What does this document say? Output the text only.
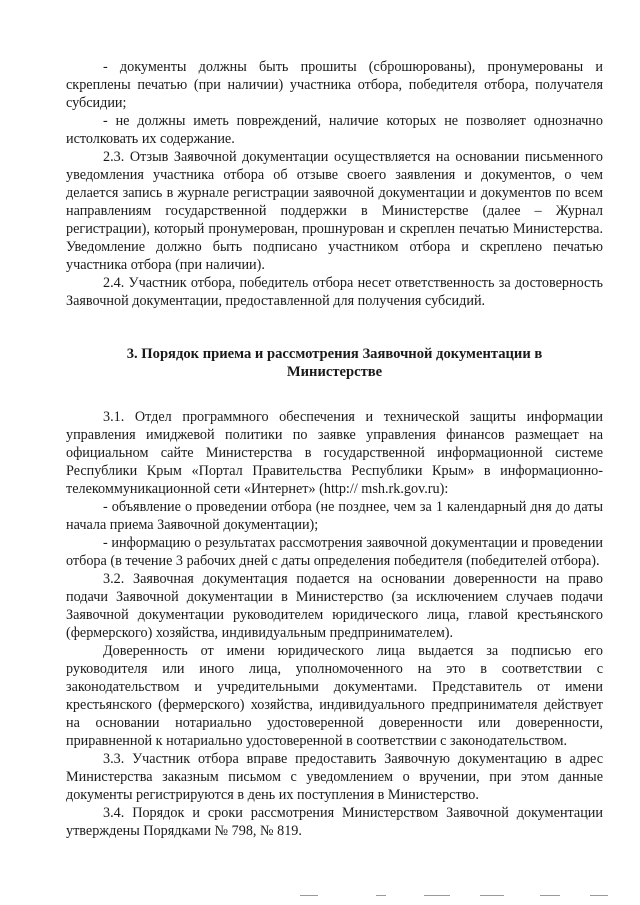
- документы должны быть прошиты (сброшюрованы), пронумерованы и скреплены печатью (при наличии) участника отбора, победителя отбора, получателя субсидии;

- не должны иметь повреждений, наличие которых не позволяет однозначно истолковать их содержание.

2.3. Отзыв Заявочной документации осуществляется на основании письменного уведомления участника отбора об отзыве своего заявления и документов, о чем делается запись в журнале регистрации заявочной документации и документов по всем направлениям государственной поддержки в Министерстве (далее – Журнал регистрации), который пронумерован, прошнурован и скреплен печатью Министерства. Уведомление должно быть подписано участником отбора и скреплено печатью участника отбора (при наличии).

2.4. Участник отбора, победитель отбора несет ответственность за достоверность Заявочной документации, предоставленной для получения субсидий.

3. Порядок приема и рассмотрения Заявочной документации в Министерстве

3.1. Отдел программного обеспечения и технической защиты информации управления имиджевой политики по заявке управления финансов размещает на официальном сайте Министерства в государственной информационной системе Республики Крым «Портал Правительства Республики Крым» в информационно-телекоммуникационной сети «Интернет» (http:// msh.rk.gov.ru):

- объявление о проведении отбора (не позднее, чем за 1 календарный дня до даты начала приема Заявочной документации);

- информацию о результатах рассмотрения заявочной документации и проведении отбора (в течение 3 рабочих дней с даты определения победителя (победителей отбора).

3.2. Заявочная документация подается на основании доверенности на право подачи Заявочной документации в Министерство (за исключением случаев подачи Заявочной документации руководителем юридического лица, главой крестьянского (фермерского) хозяйства, индивидуальным предпринимателем).

Доверенность от имени юридического лица выдается за подписью его руководителя или иного лица, уполномоченного на это в соответствии с законодательством и учредительными документами. Представитель от имени крестьянского (фермерского) хозяйства, индивидуального предпринимателя действует на основании нотариально удостоверенной доверенности или доверенности, приравненной к нотариально удостоверенной в соответствии с законодательством.

3.3. Участник отбора вправе предоставить Заявочную документацию в адрес Министерства заказным письмом с уведомлением о вручении, при этом данные документы регистрируются в день их поступления в Министерство.

3.4. Порядок и сроки рассмотрения Министерством Заявочной документации утверждены Порядками № 798, № 819.
